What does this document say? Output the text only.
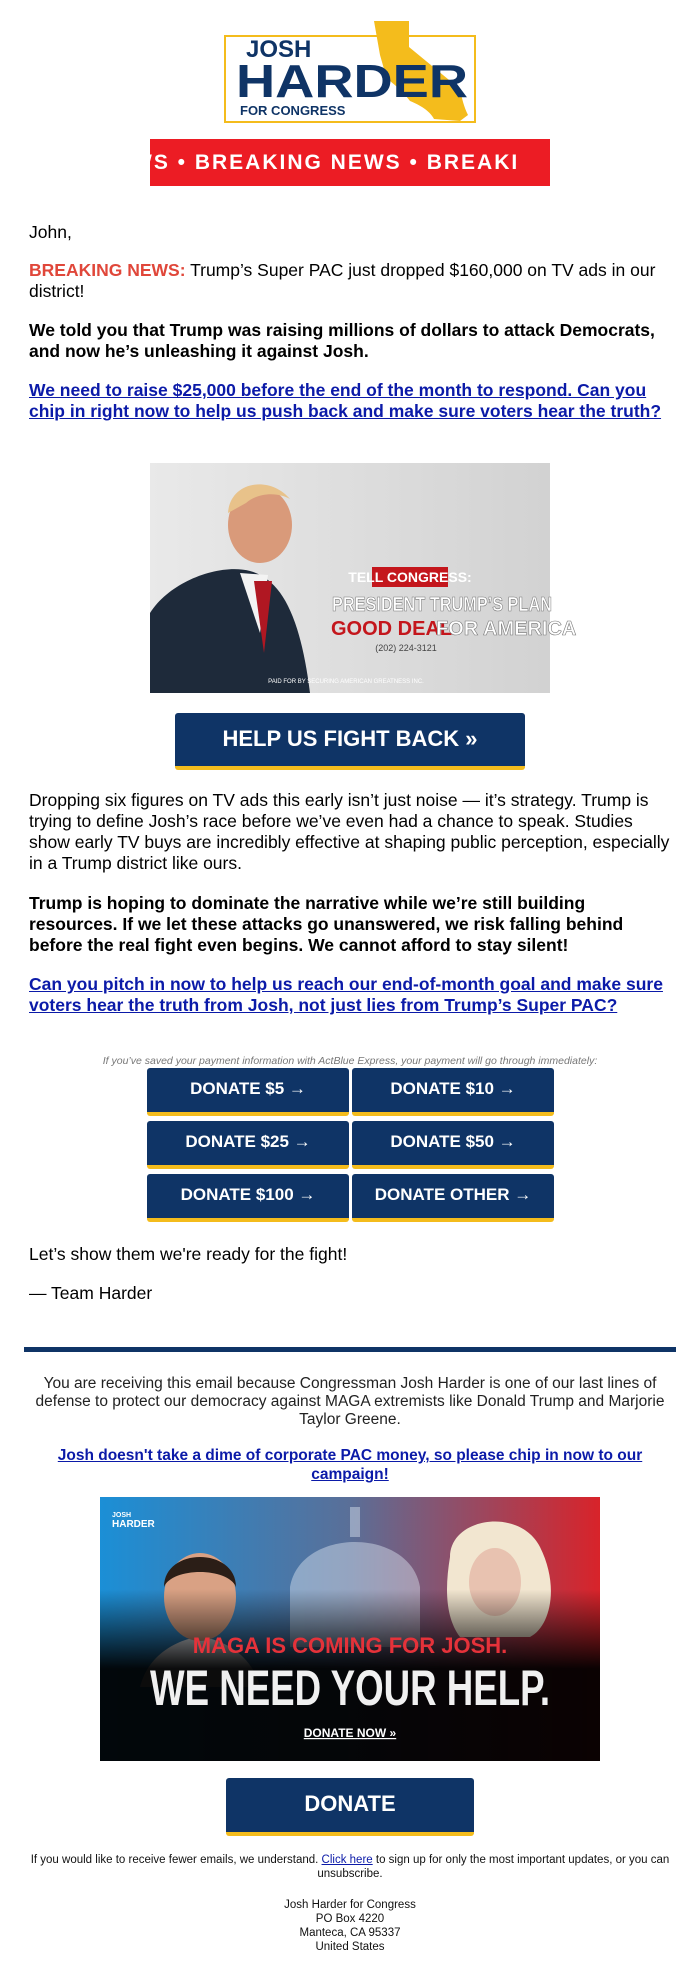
JOSH
HARDER
FOR CONGRESS
WS • BREAKING NEWS • BREAKI
John,
BREAKING NEWS: Trump’s Super PAC just dropped $160,000 on TV ads in our district!
We told you that Trump was raising millions of dollars to attack Democrats, and now he’s unleashing it against Josh.
We need to raise $25,000 before the end of the month to respond. Can you chip in right now to help us push back and make sure voters hear the truth?
TELL CONGRESS:
PRESIDENT TRUMP’S PLAN
GOOD DEAL
FOR AMERICA
(202) 224-3121
PAID FOR BY SECURING AMERICAN GREATNESS INC.
HELP US FIGHT BACK »
Dropping six figures on TV ads this early isn’t just noise — it’s strategy. Trump is trying to define Josh’s race before we’ve even had a chance to speak. Studies show early TV buys are incredibly effective at shaping public perception, especially in a Trump district like ours.
Trump is hoping to dominate the narrative while we’re still building resources. If we let these attacks go unanswered, we risk falling behind before the real fight even begins. We cannot afford to stay silent!
Can you pitch in now to help us reach our end-of-month goal and make sure voters hear the truth from Josh, not just lies from Trump’s Super PAC?
If you’ve saved your payment information with ActBlue Express, your payment will go through immediately:
DONATE $5 →	DONATE $10 →
DONATE $25 →	DONATE $50 →
DONATE $100 →	DONATE OTHER →
Let’s show them we're ready for the fight!
— Team Harder
You are receiving this email because Congressman Josh Harder is one of our last lines of defense to protect our democracy against MAGA extremists like Donald Trump and Marjorie Taylor Greene.
Josh doesn't take a dime of corporate PAC money, so please chip in now to our campaign!
JOSH
HARDER
MAGA IS COMING FOR JOSH.
WE NEED YOUR HELP.
DONATE NOW »
DONATE
If you would like to receive fewer emails, we understand. Click here to sign up for only the most important updates, or you can unsubscribe.
Josh Harder for Congress
PO Box 4220
Manteca, CA 95337
United States
